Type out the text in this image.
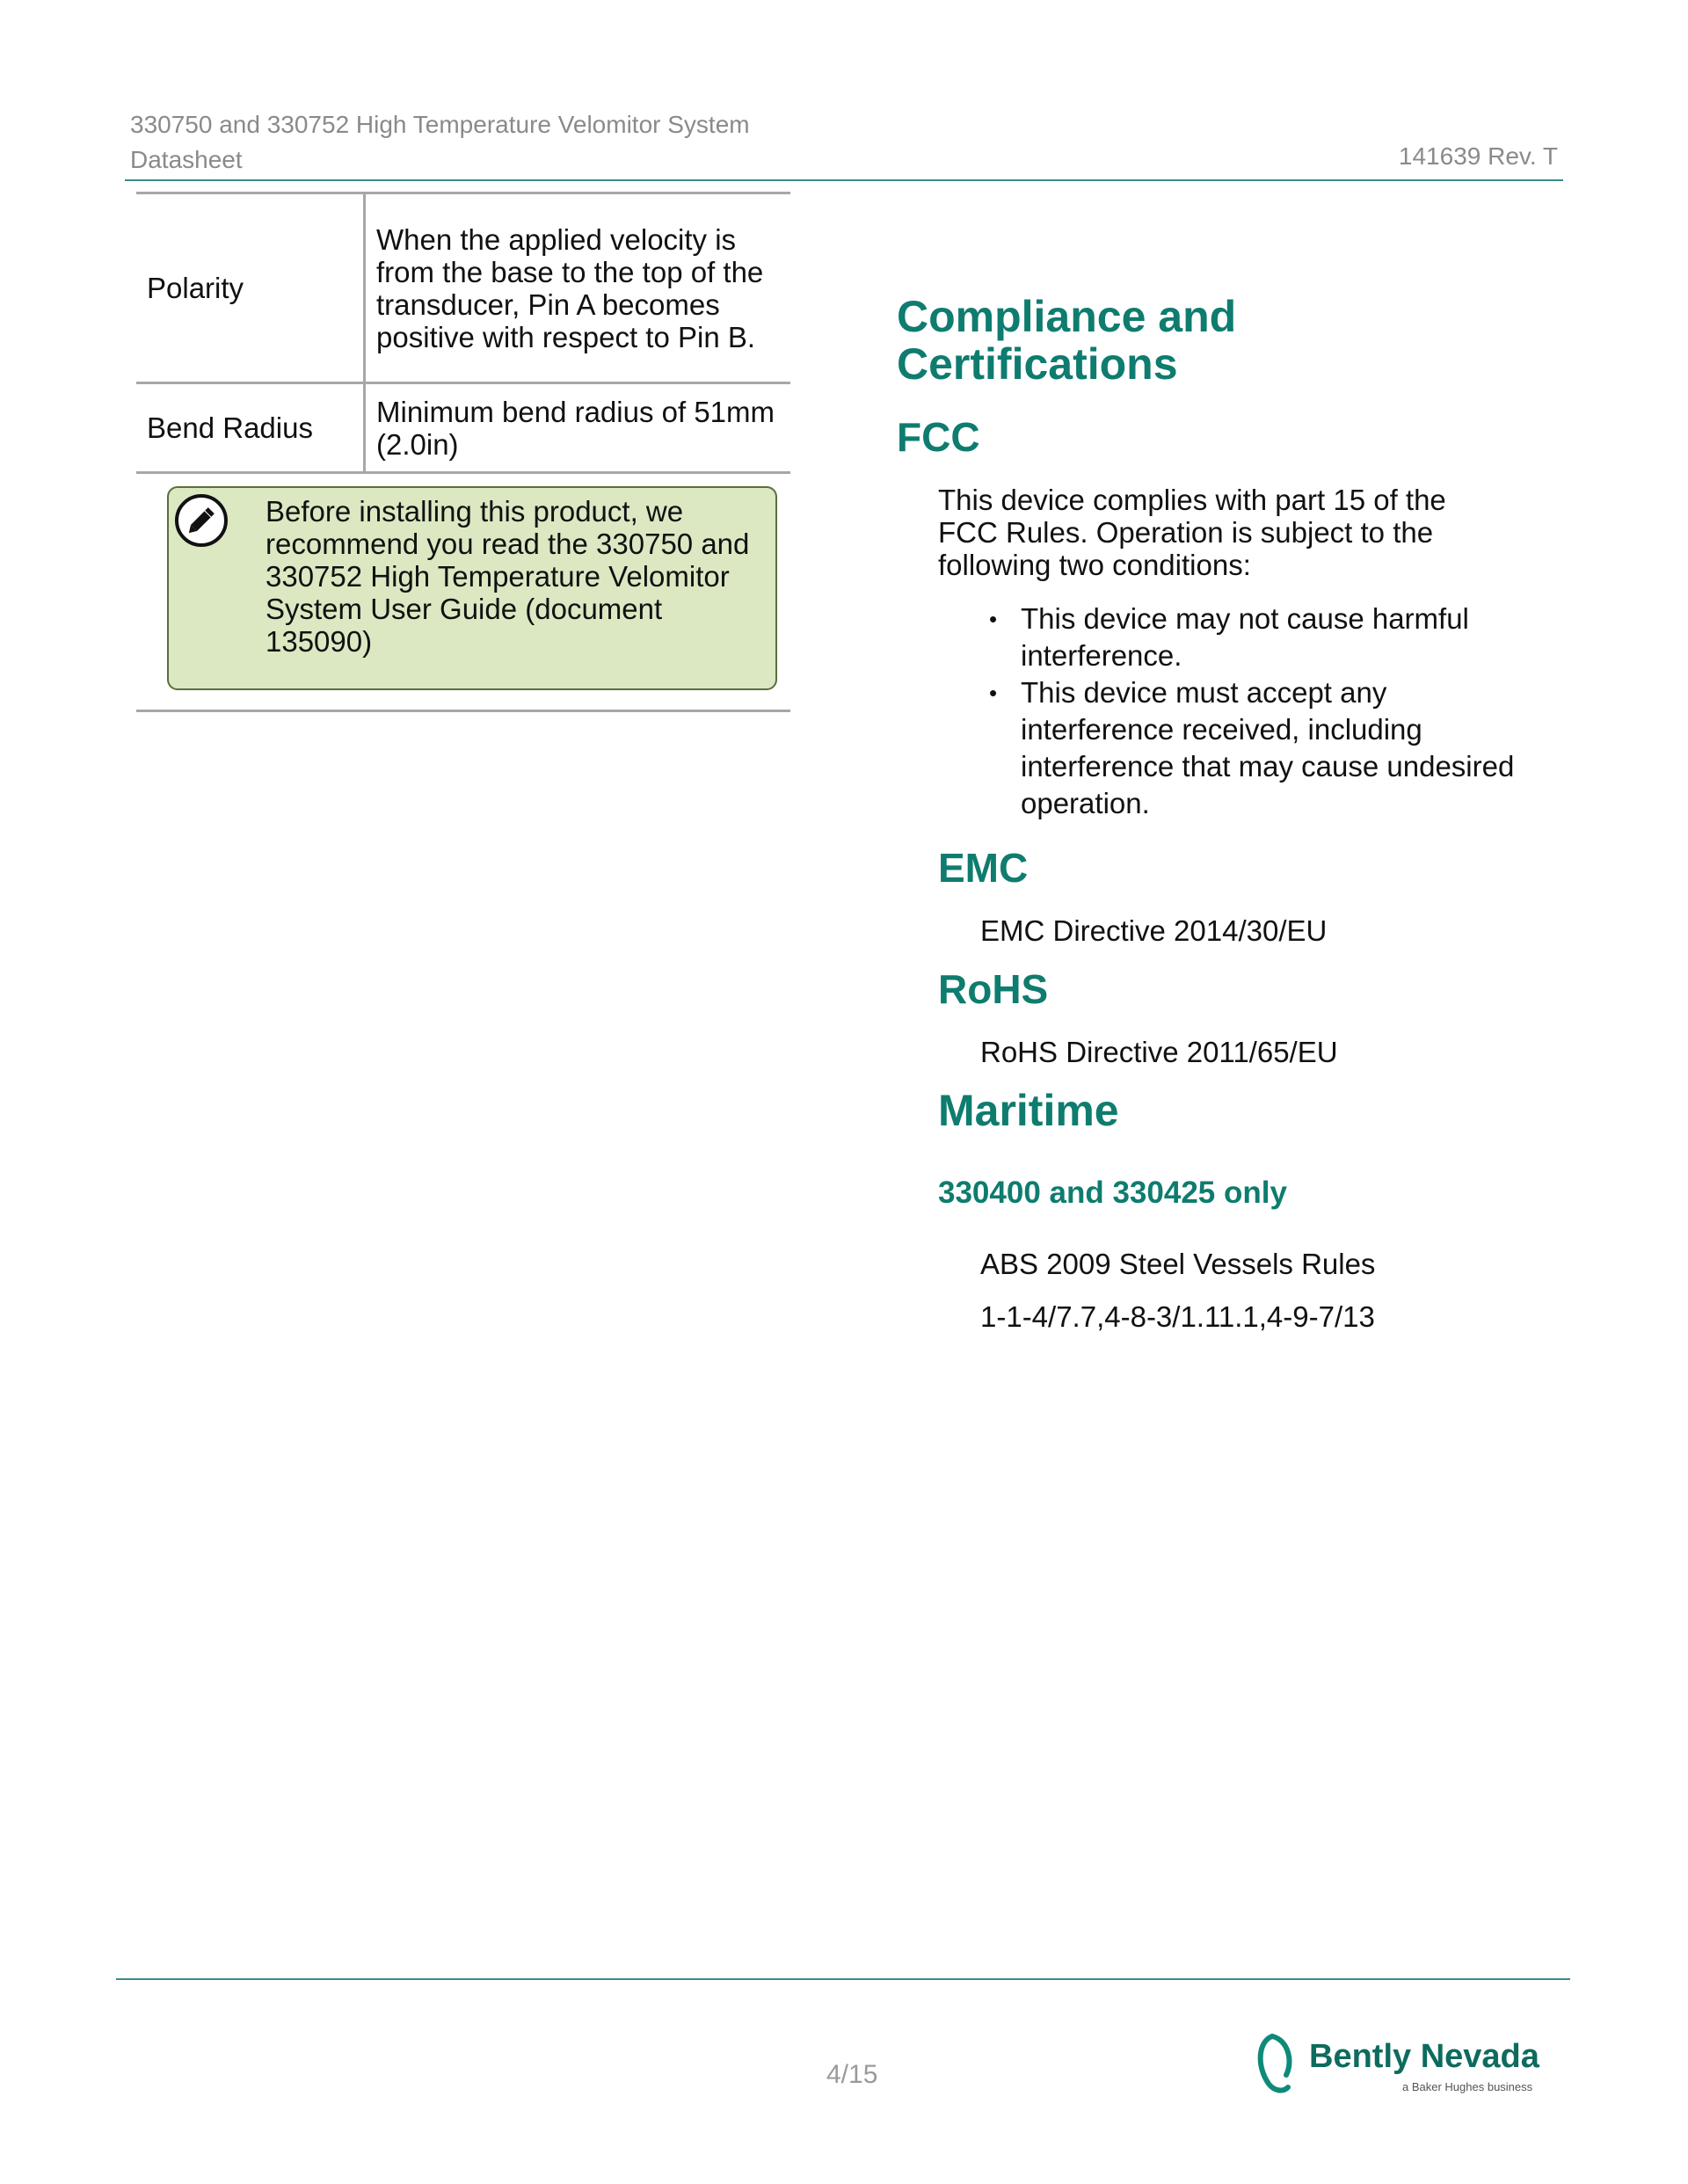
330750 and 330752 High Temperature Velomitor System
Datasheet	141639 Rev. T
Polarity	When the applied velocity is from the base to the top of the transducer, Pin A becomes positive with respect to Pin B.
Bend Radius	Minimum bend radius of 51mm (2.0in)
Before installing this product, we recommend you read the 330750 and 330752 High Temperature Velomitor System User Guide (document 135090)
Compliance and
Certifications
FCC

This device complies with part 15 of the FCC Rules. Operation is subject to the following two conditions:

• This device may not cause harmful interference.
• This device must accept any interference received, including interference that may cause undesired operation.
EMC

EMC Directive 2014/30/EU

RoHS

RoHS Directive 2011/65/EU

Maritime
330400 and 330425 only

ABS 2009 Steel Vessels Rules

1-1-4/7.7,4-8-3/1.11.1,4-9-7/13

4/15	Bently Nevada
a Baker Hughes business
